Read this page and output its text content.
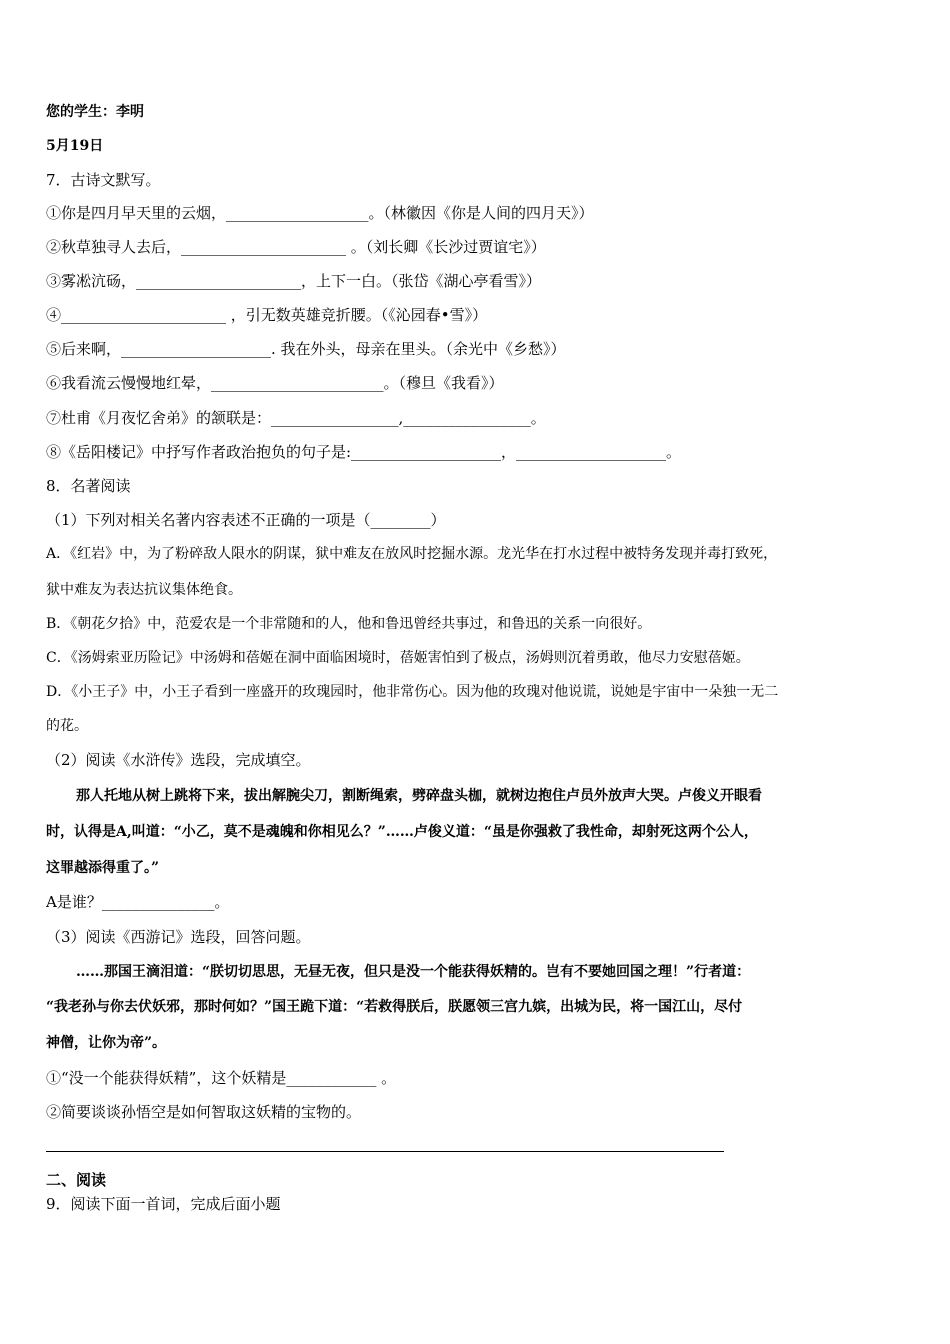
您的学生：李明
5月19日
7．古诗文默写。
①你是四月早天里的云烟，___________________。（林徽因《你是人间的四月天》）
②秋草独寻人去后，______________________ 。（刘长卿《长沙过贾谊宅》）
③雾凇沆砀，______________________，上下一白。（张岱《湖心亭看雪》）
④______________________ ，引无数英雄竞折腰。（《沁园春•雪》）
⑤后来啊，____________________. 我在外头，母亲在里头。（余光中《乡愁》）
⑥我看流云慢慢地红晕，_______________________。（穆旦《我看》）
⑦杜甫《月夜忆舍弟》的颔联是：_________________,_________________。
⑧《岳阳楼记》中抒写作者政治抱负的句子是:____________________，____________________。
8．名著阅读
（1）下列对相关名著内容表述不正确的一项是（________）
A．《红岩》中，为了粉碎敌人限水的阴谋，狱中难友在放风时挖掘水源。龙光华在打水过程中被特务发现并毒打致死，
狱中难友为表达抗议集体绝食。
B．《朝花夕拾》中，范爱农是一个非常随和的人，他和鲁迅曾经共事过，和鲁迅的关系一向很好。
C．《汤姆索亚历险记》中汤姆和蓓姬在洞中面临困境时，蓓姬害怕到了极点，汤姆则沉着勇敢，他尽力安慰蓓姬。
D．《小王子》中，小王子看到一座盛开的玫瑰园时，他非常伤心。因为他的玫瑰对他说谎，说她是宇宙中一朵独一无二
的花。
（2）阅读《水浒传》选段，完成填空。
那人托地从树上跳将下来，拔出解腕尖刀，割断绳索，劈碎盘头枷，就树边抱住卢员外放声大哭。卢俊义开眼看
时，认得是A,叫道：“小乙，莫不是魂魄和你相见么？”……卢俊义道：“虽是你强救了我性命，却射死这两个公人，
这罪越添得重了。”
A是谁？_______________。
（3）阅读《西游记》选段，回答问题。
……那国王滴泪道：“朕切切思思，无昼无夜，但只是没一个能获得妖精的。岂有不要她回国之理！”行者道：
“我老孙与你去伏妖邪，那时何如？”国王跪下道：“若救得朕后，朕愿领三宫九嫔，出城为民，将一国江山，尽付
神僧，让你为帝”。
①“没一个能获得妖精”，这个妖精是____________ 。
②简要谈谈孙悟空是如何智取这妖精的宝物的。
二、阅读
9．阅读下面一首词，完成后面小题
